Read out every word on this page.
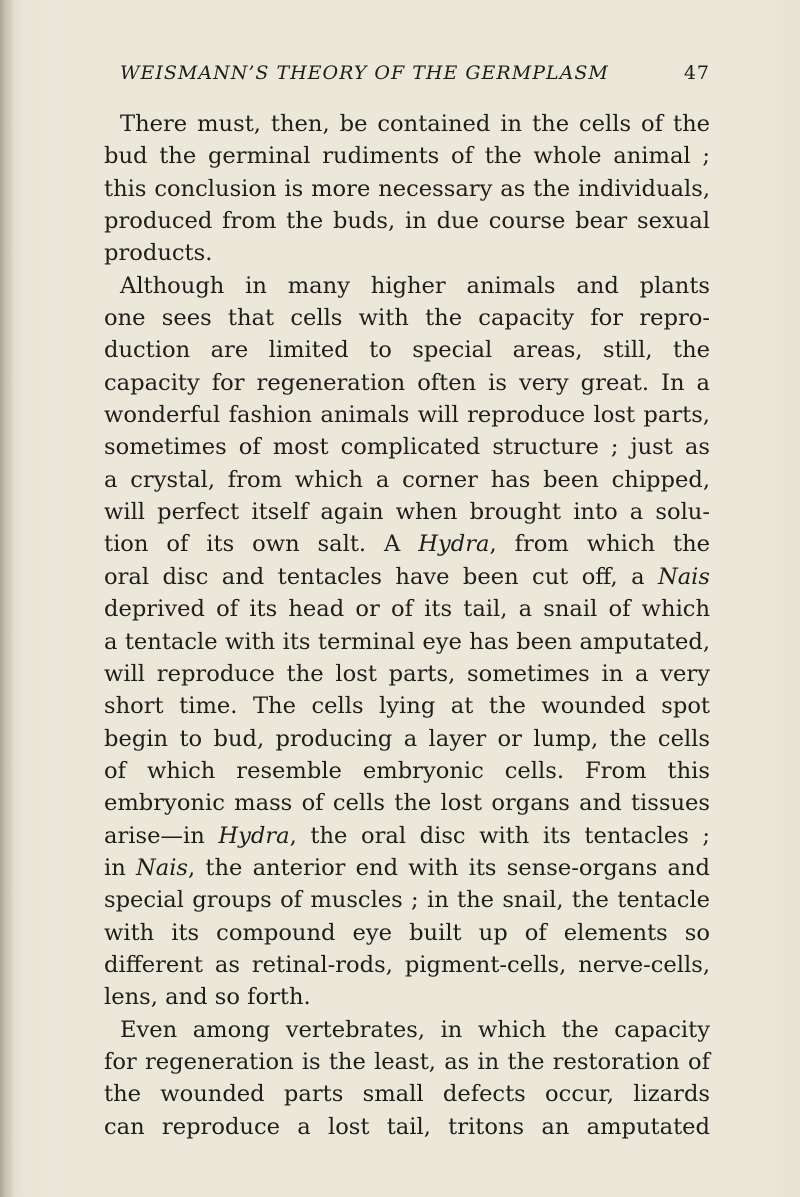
WEISMANN’S THEORY OF THE GERMPLASM	47
There must, then, be contained in the cells of the
bud the germinal rudiments of the whole animal ;
this conclusion is more necessary as the individuals,
produced from the buds, in due course bear sexual
products.
Although in many higher animals and plants
one sees that cells with the capacity for repro-
duction are limited to special areas, still, the
capacity for regeneration often is very great. In a
wonderful fashion animals will reproduce lost parts,
sometimes of most complicated structure ; just as
a crystal, from which a corner has been chipped,
will perfect itself again when brought into a solu-
tion of its own salt. A Hydra, from which the
oral disc and tentacles have been cut off, a Nais
deprived of its head or of its tail, a snail of which
a tentacle with its terminal eye has been amputated,
will reproduce the lost parts, sometimes in a very
short time. The cells lying at the wounded spot
begin to bud, producing a layer or lump, the cells
of which resemble embryonic cells. From this
embryonic mass of cells the lost organs and tissues
arise—in Hydra, the oral disc with its tentacles ;
in Nais, the anterior end with its sense-organs and
special groups of muscles ; in the snail, the tentacle
with its compound eye built up of elements so
different as retinal-rods, pigment-cells, nerve-cells,
lens, and so forth.
Even among vertebrates, in which the capacity
for regeneration is the least, as in the restoration of
the wounded parts small defects occur, lizards
can reproduce a lost tail, tritons an amputated
